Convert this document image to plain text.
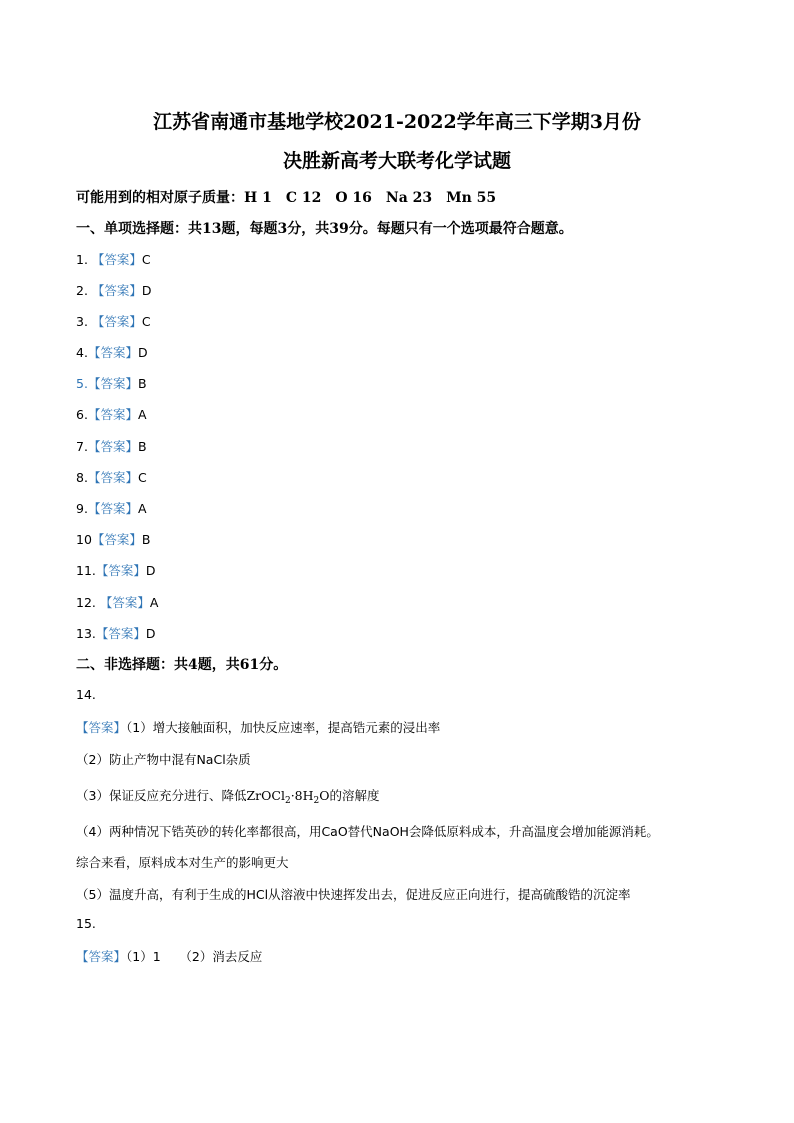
江苏省南通市基地学校2021-2022学年高三下学期3月份
决胜新高考大联考化学试题
可能用到的相对原子质量：H 1　C 12　O 16　Na 23　Mn 55
一、单项选择题：共13题，每题3分，共39分。每题只有一个选项最符合题意。
1. 【答案】C
2. 【答案】D
3. 【答案】C
4.【答案】D
5.【答案】B
6.【答案】A
7.【答案】B
8.【答案】C
9.【答案】A
10【答案】B
11.【答案】D
12. 【答案】A
13.【答案】D
二、非选择题：共4题，共61分。
14.
【答案】（1）增大接触面积，加快反应速率，提高锆元素的浸出率
（2）防止产物中混有NaCl杂质
（3）保证反应充分进行、降低$ZrOCl_2\cdot 8H_2O$的溶解度
（4）两种情况下锆英砂的转化率都很高，用CaO替代NaOH会降低原料成本，升高温度会增加能源消耗。
综合来看，原料成本对生产的影响更大
（5）温度升高，有利于生成的HCl从溶液中快速挥发出去，促进反应正向进行，提高硫酸锆的沉淀率
15.
【答案】（1）1　　（2）消去反应
